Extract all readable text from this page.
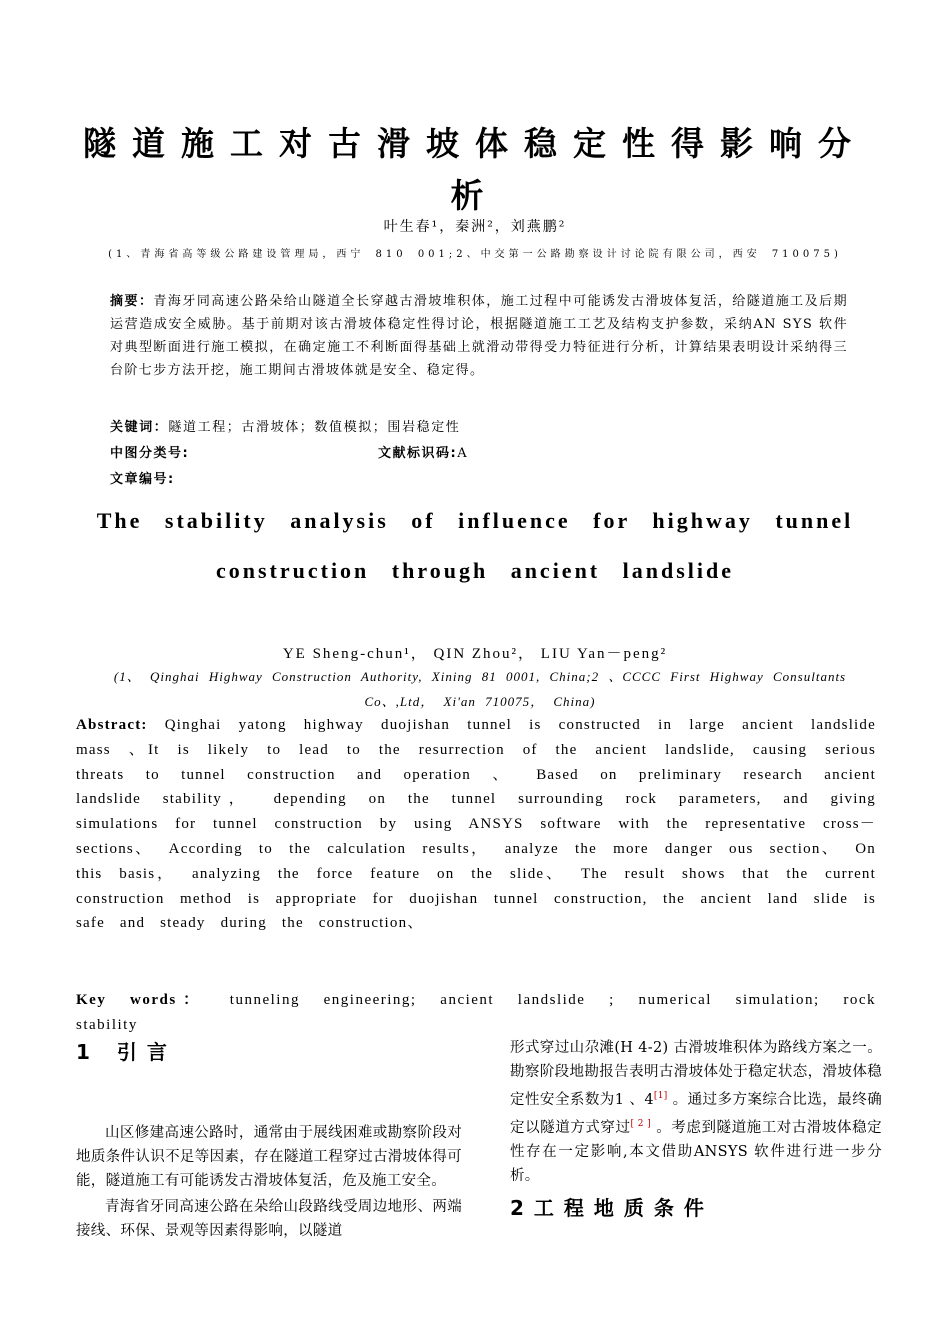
隧道施工对古滑坡体稳定性得影响分析
叶生春¹，秦洲²，刘燕鹏²
(1、青海省高等级公路建设管理局，西宁 810 001;2、中交第一公路勘察设计讨论院有限公司，西安 710075)
摘要：青海牙同高速公路朵给山隧道全长穿越古滑坡堆积体，施工过程中可能诱发古滑坡体复活，给隧道施工及后期运营造成安全威胁。基于前期对该古滑坡体稳定性得讨论，根据隧道施工工艺及结构支护参数，采纳AN SYS 软件对典型断面进行施工模拟，在确定施工不利断面得基础上就滑动带得受力特征进行分析，计算结果表明设计采纳得三台阶七步方法开挖，施工期间古滑坡体就是安全、稳定得。
关键词：隧道工程；古滑坡体；数值模拟；围岩稳定性
中图分类号:	文献标识码:A
文章编号:
The stability analysis of influence for highway tunnel construction through ancient landslide
YE Sheng-chun¹， QIN Zhou²， LIU Yan－peng²
(1、 Qinghai Highway Construction Authority, Xining 81 0001, China;2 、CCCC First Highway Consultants Co、,Ltd， Xi'an 710075， China)
Abstract: Qinghai yatong highway duojishan tunnel is constructed in large ancient landslide mass 、It is likely to lead to the resurrection of the ancient landslide, causing serious threats to tunnel construction and operation 、 Based on preliminary research ancient landslide stability， depending on the tunnel surrounding rock parameters, and giving simulations for tunnel construction by using ANSYS software with the representative cross－sections、 According to the calculation results， analyze the more danger ous section、 On this basis， analyzing the force feature on the slide、 The result shows that the current construction method is appropriate for duojishan tunnel construction, the ancient land slide is safe and steady during the construction、
Key words： tunneling engineering; ancient landslide ; numerical simulation; rock stability
1 引言

山区修建高速公路时，通常由于展线困难或勘察阶段对地质条件认识不足等因素，存在隧道工程穿过古滑坡体得可能，隧道施工有可能诱发古滑坡体复活，危及施工安全。

青海省牙同高速公路在朵给山段路线受周边地形、两端接线、环保、景观等因素得影响，以隧道

形式穿过山尕滩(H 4-2) 古滑坡堆积体为路线方案之一。勘察阶段地勘报告表明古滑坡体处于稳定状态，滑坡体稳定性安全系数为1 、4[1] 。通过多方案综合比选，最终确定以隧道方式穿过[ 2 ] 。考虑到隧道施工对古滑坡体稳定性存在一定影响,本文借助ANSYS 软件进行进一步分析。

2工程地质条件
